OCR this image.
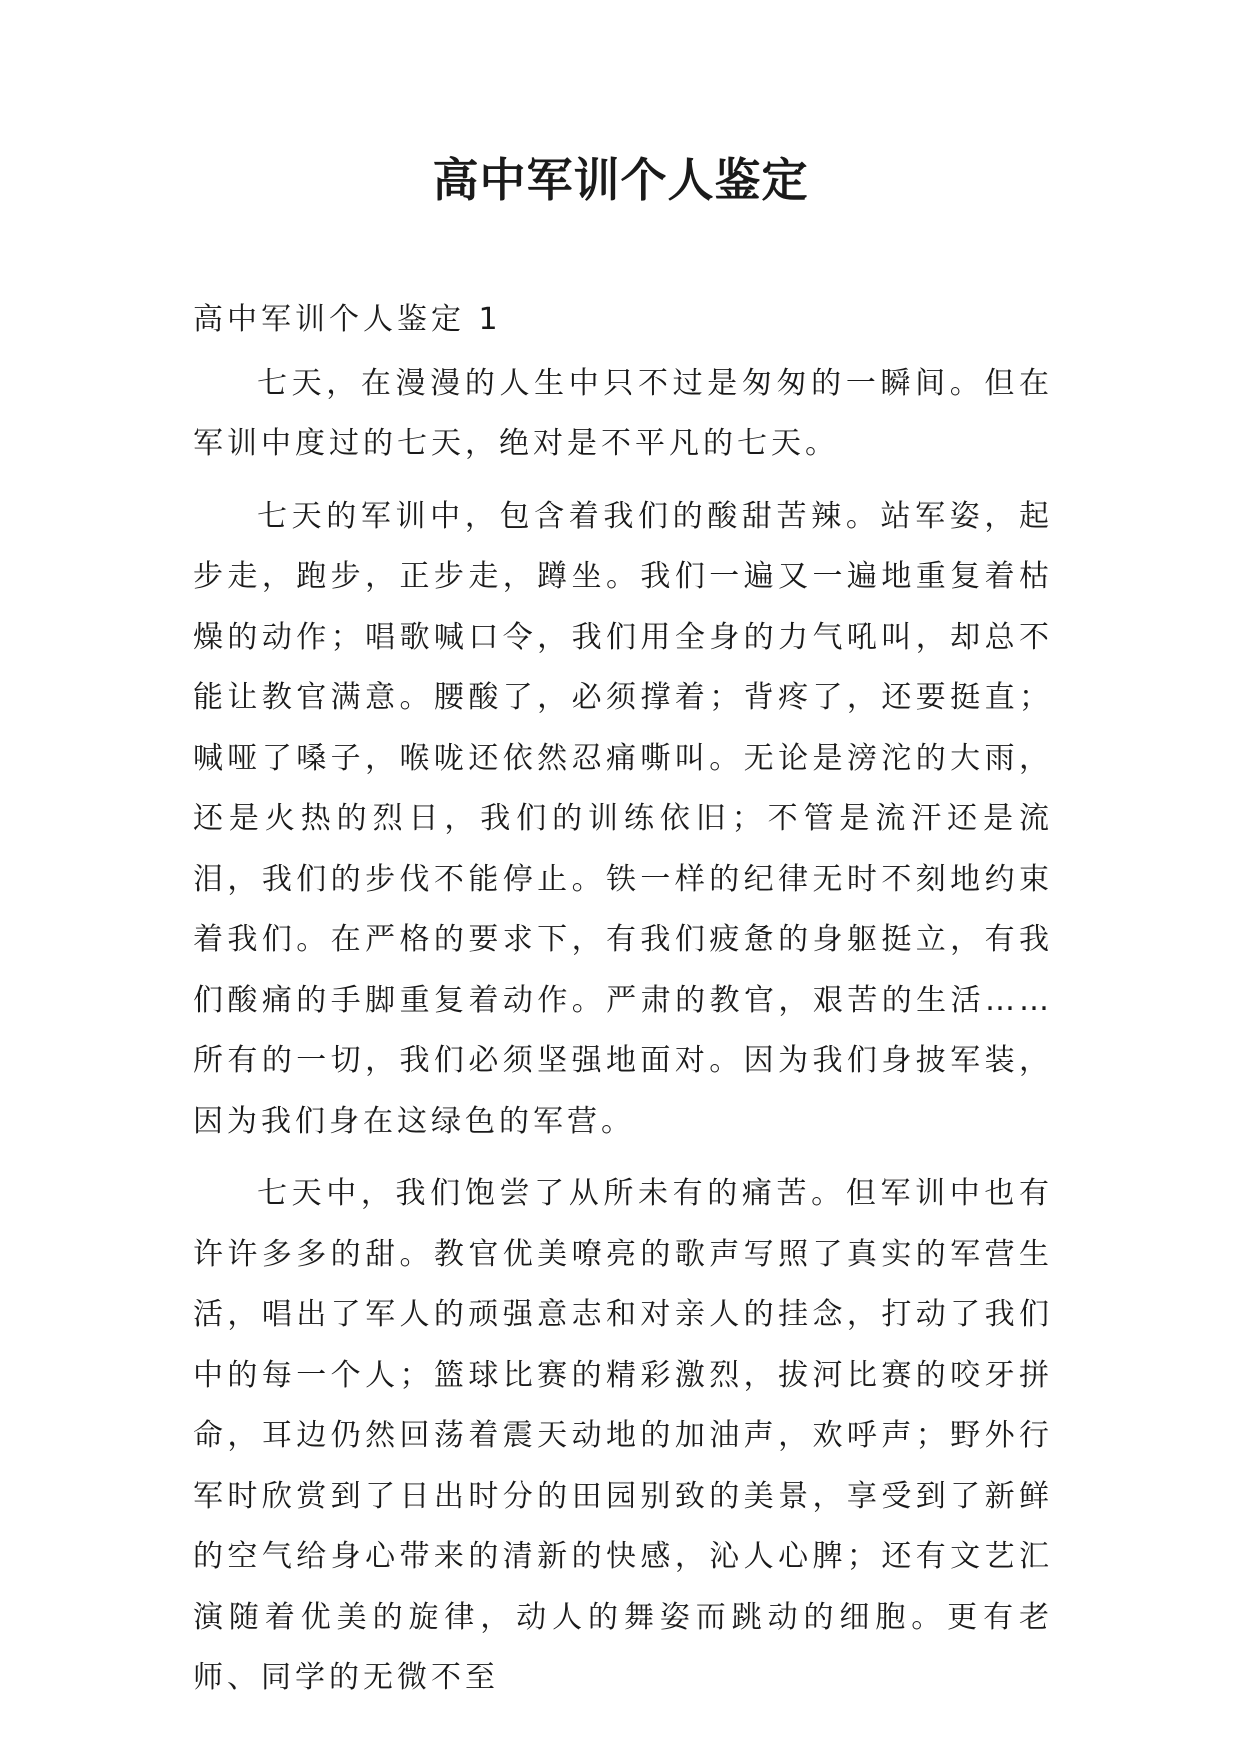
高中军训个人鉴定

高中军训个人鉴定 1

七天，在漫漫的人生中只不过是匆匆的一瞬间。但在军训中度过的七天，绝对是不平凡的七天。

七天的军训中，包含着我们的酸甜苦辣。站军姿，起步走，跑步，正步走，蹲坐。我们一遍又一遍地重复着枯燥的动作；唱歌喊口令，我们用全身的力气吼叫，却总不能让教官满意。腰酸了，必须撑着；背疼了，还要挺直；喊哑了嗓子，喉咙还依然忍痛嘶叫。无论是滂沱的大雨，还是火热的烈日，我们的训练依旧；不管是流汗还是流泪，我们的步伐不能停止。铁一样的纪律无时不刻地约束着我们。在严格的要求下，有我们疲惫的身躯挺立，有我们酸痛的手脚重复着动作。严肃的教官，艰苦的生活……所有的一切，我们必须坚强地面对。因为我们身披军装，因为我们身在这绿色的军营。

七天中，我们饱尝了从所未有的痛苦。但军训中也有许许多多的甜。教官优美嘹亮的歌声写照了真实的军营生活，唱出了军人的顽强意志和对亲人的挂念，打动了我们中的每一个人；篮球比赛的精彩激烈，拔河比赛的咬牙拼命，耳边仍然回荡着震天动地的加油声，欢呼声；野外行军时欣赏到了日出时分的田园别致的美景，享受到了新鲜的空气给身心带来的清新的快感，沁人心脾；还有文艺汇演随着优美的旋律，动人的舞姿而跳动的细胞。更有老师、同学的无微不至
